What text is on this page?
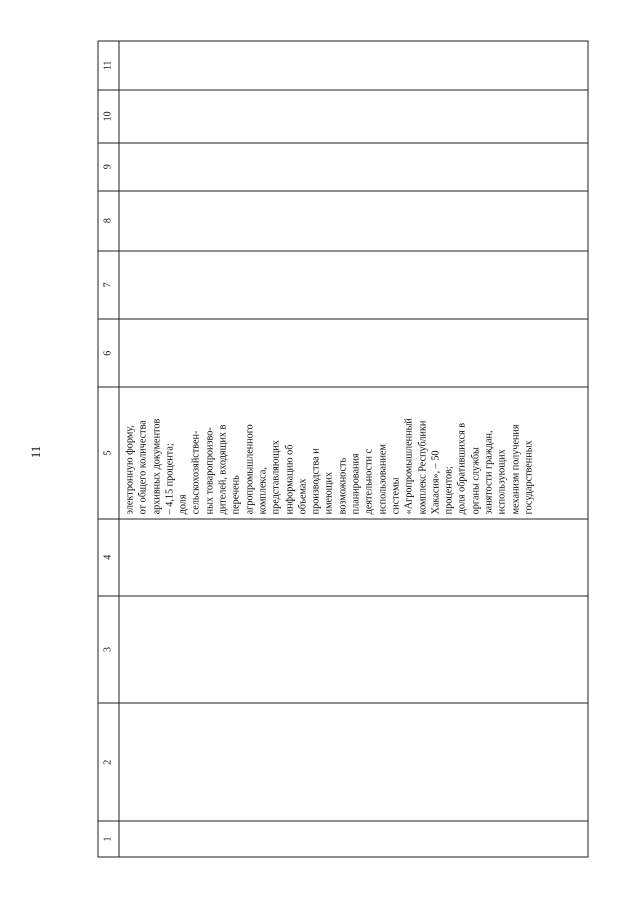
11
1
2
3
4
5	электронную форму, от общего количества архивных документов – 4,15 процента; доля сельскохозяйствен- ных товаропроизво- дителей, входящих в перечень агропромышленного комплекса, представляющих информацию об объемах производства и имеющих возможность планирования деятельности с использованием системы «Агропромышленный комплекс Республики Хакасия», – 50 процентов; доля обратившихся в органы службы занятости граждан, использующих механизм получения государственных
6
7
8
9
10
11
